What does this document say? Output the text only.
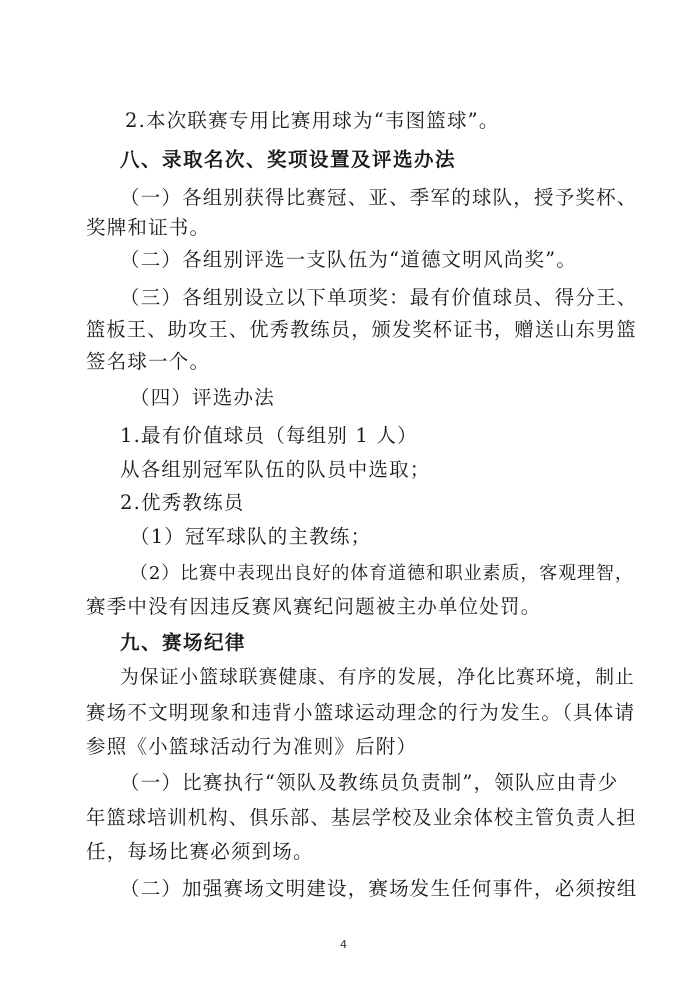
2.本次联赛专用比赛用球为“韦图篮球”。
八、录取名次、奖项设置及评选办法
（一）各组别获得比赛冠、亚、季军的球队，授予奖杯、
奖牌和证书。
（二）各组别评选一支队伍为“道德文明风尚奖”。
（三）各组别设立以下单项奖：最有价值球员、得分王、
篮板王、助攻王、优秀教练员，颁发奖杯证书，赠送山东男篮
签名球一个。
（四）评选办法
1.最有价值球员（每组别 1 人）
从各组别冠军队伍的队员中选取；
2.优秀教练员
（1）冠军球队的主教练；
（2）比赛中表现出良好的体育道德和职业素质，客观理智，
赛季中没有因违反赛风赛纪问题被主办单位处罚。
九、赛场纪律
为保证小篮球联赛健康、有序的发展，净化比赛环境，制止
赛场不文明现象和违背小篮球运动理念的行为发生。（具体请
参照《小篮球活动行为准则》后附）
（一）比赛执行“领队及教练员负责制”，领队应由青少
年篮球培训机构、俱乐部、基层学校及业余体校主管负责人担
任，每场比赛必须到场。
（二）加强赛场文明建设，赛场发生任何事件，必须按组
4
